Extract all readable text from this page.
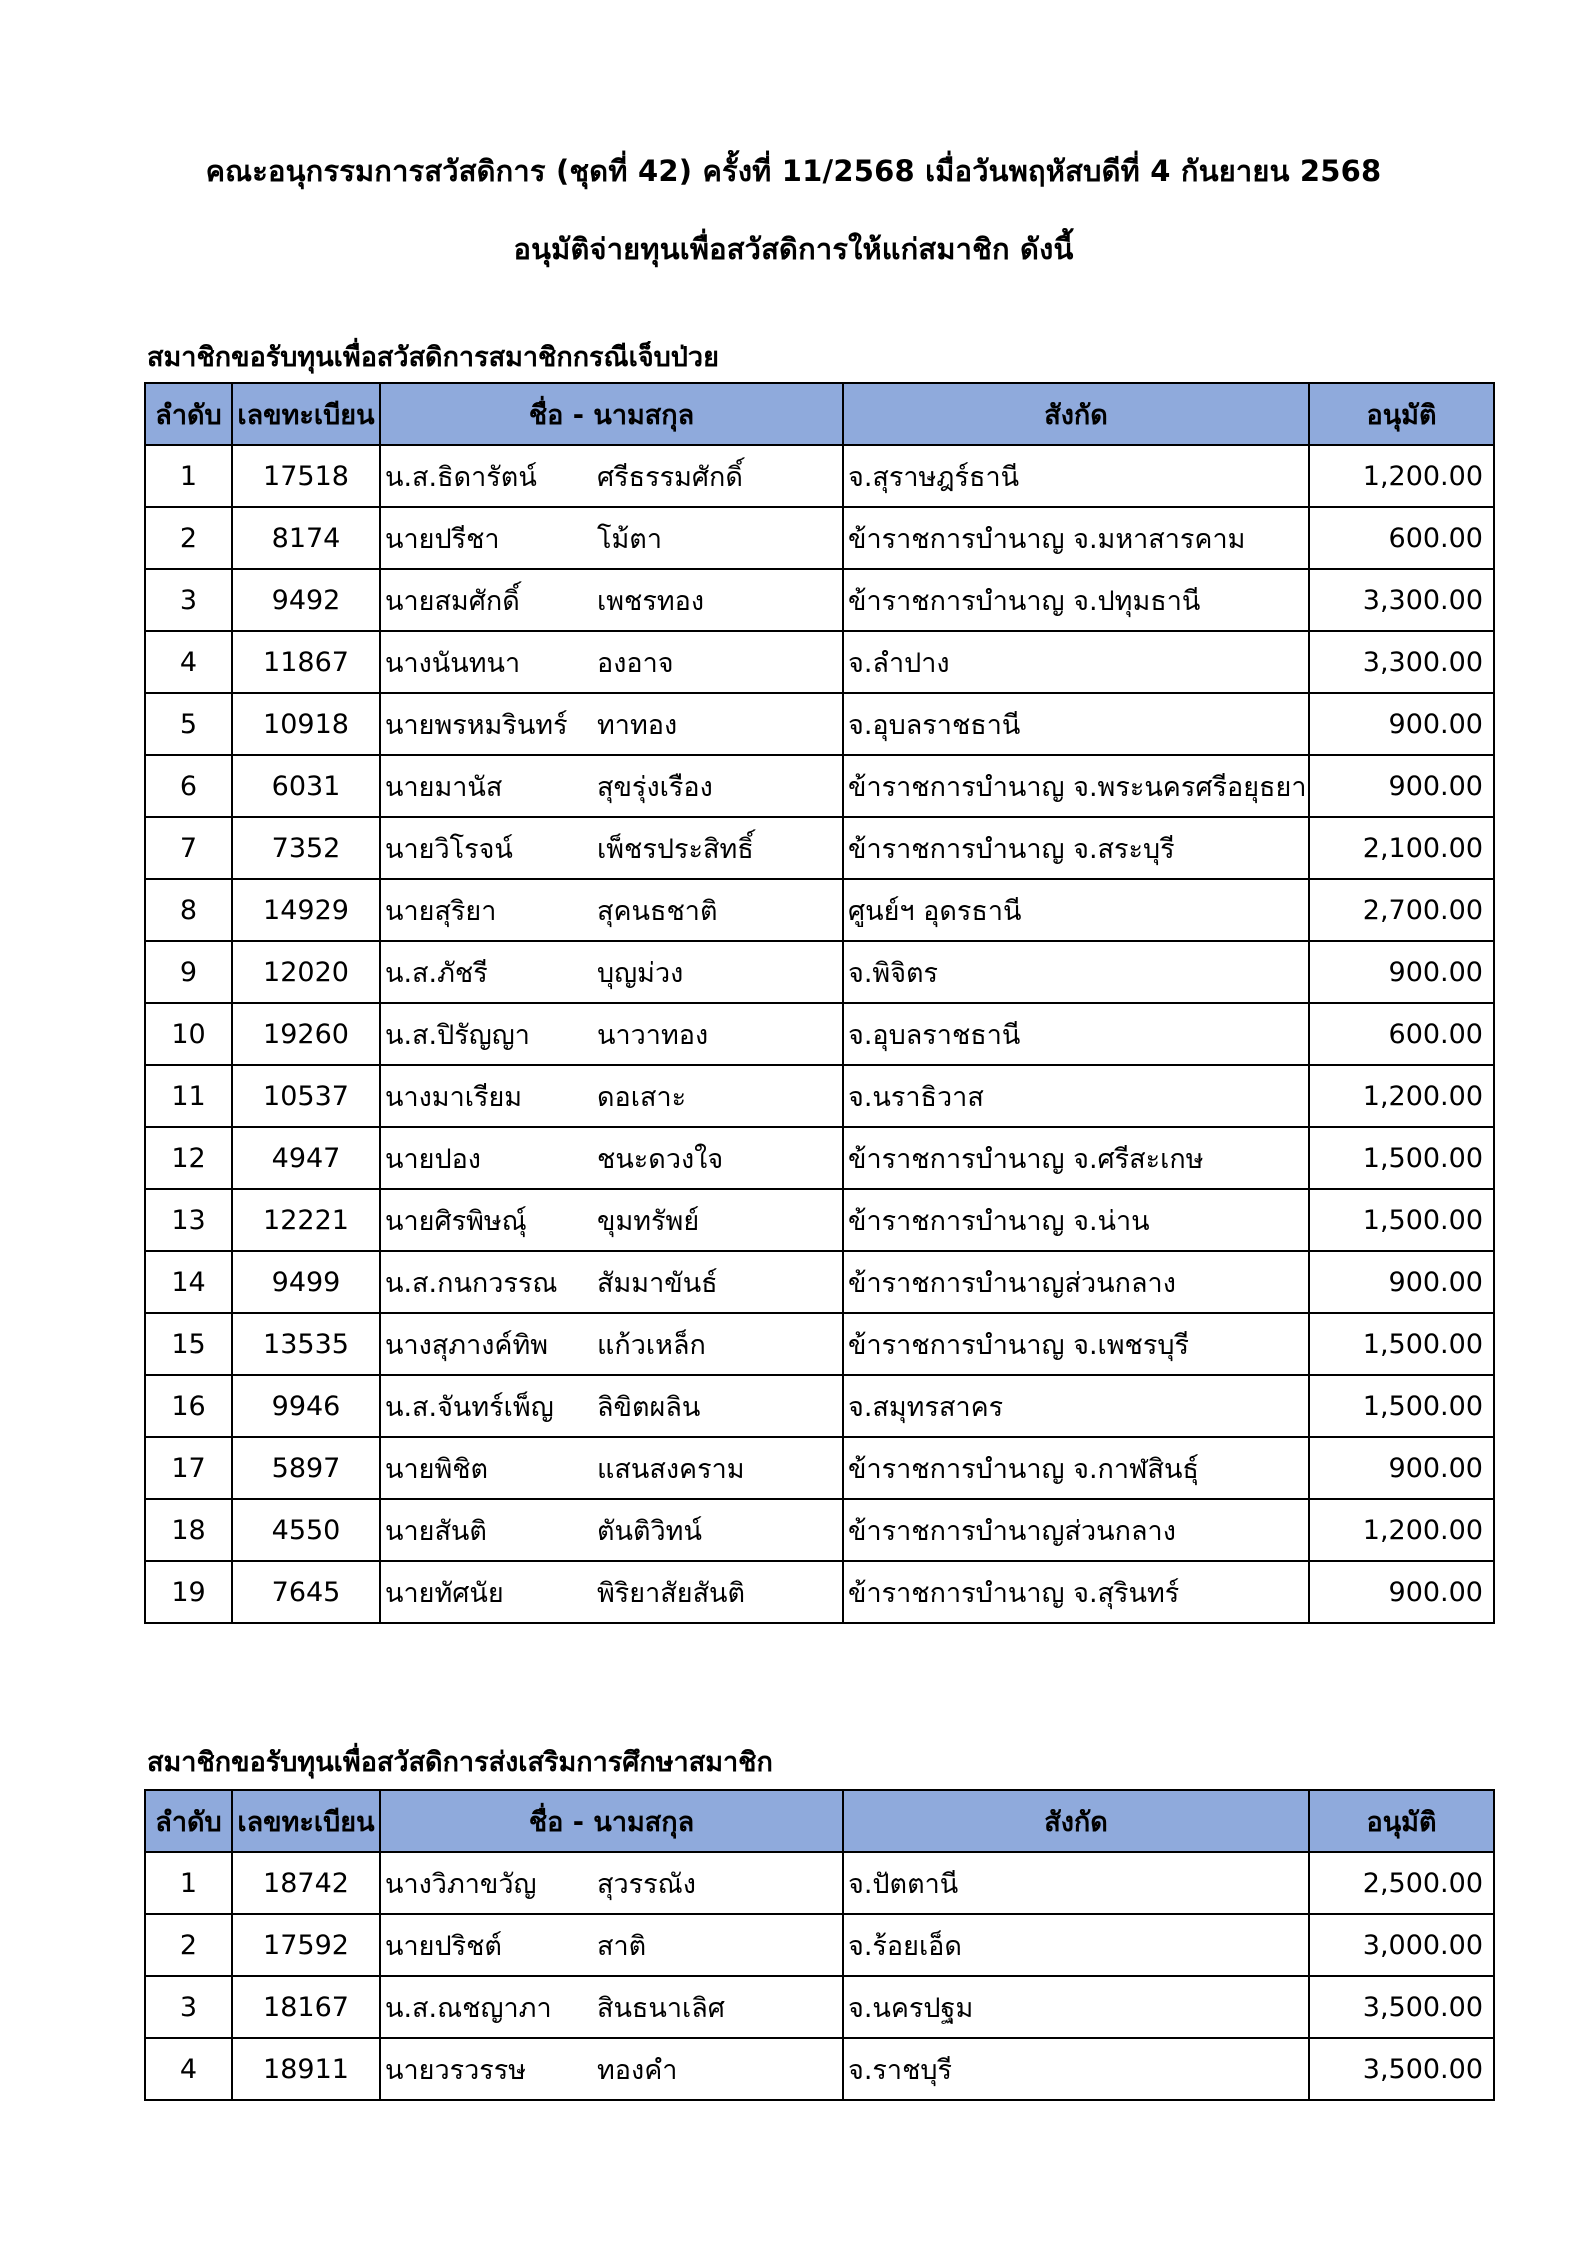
คณะอนุกรรมการสวัสดิการ (ชุดที่ 42) ครั้งที่ 11/2568 เมื่อวันพฤหัสบดีที่ 4 กันยายน 2568
อนุมัติจ่ายทุนเพื่อสวัสดิการให้แก่สมาชิก ดังนี้
สมาชิกขอรับทุนเพื่อสวัสดิการสมาชิกกรณีเจ็บป่วย
ลำดับ	เลขทะเบียน	ชื่อ - นามสกุล	สังกัด	อนุมัติ
1	17518	น.ส.ธิดารัตน์ ศรีธรรมศักดิ์	จ.สุราษฎร์ธานี	1,200.00
2	8174	นายปรีชา โม้ตา	ข้าราชการบำนาญ จ.มหาสารคาม	600.00
3	9492	นายสมศักดิ์ เพชรทอง	ข้าราชการบำนาญ จ.ปทุมธานี	3,300.00
4	11867	นางนันทนา องอาจ	จ.ลำปาง	3,300.00
5	10918	นายพรหมรินทร์ ทาทอง	จ.อุบลราชธานี	900.00
6	6031	นายมานัส สุขรุ่งเรือง	ข้าราชการบำนาญ จ.พระนครศรีอยุธยา	900.00
7	7352	นายวิโรจน์ เพ็ชรประสิทธิ์	ข้าราชการบำนาญ จ.สระบุรี	2,100.00
8	14929	นายสุริยา สุคนธชาติ	ศูนย์ฯ อุดรธานี	2,700.00
9	12020	น.ส.ภัชรี บุญม่วง	จ.พิจิตร	900.00
10	19260	น.ส.ปิรัญญา นาวาทอง	จ.อุบลราชธานี	600.00
11	10537	นางมาเรียม ดอเสาะ	จ.นราธิวาส	1,200.00
12	4947	นายปอง ชนะดวงใจ	ข้าราชการบำนาญ จ.ศรีสะเกษ	1,500.00
13	12221	นายศิรพิษณุ์ ขุมทรัพย์	ข้าราชการบำนาญ จ.น่าน	1,500.00
14	9499	น.ส.กนกวรรณ สัมมาขันธ์	ข้าราชการบำนาญส่วนกลาง	900.00
15	13535	นางสุภางค์ทิพ แก้วเหล็ก	ข้าราชการบำนาญ จ.เพชรบุรี	1,500.00
16	9946	น.ส.จันทร์เพ็ญ ลิขิตผลิน	จ.สมุทรสาคร	1,500.00
17	5897	นายพิชิต แสนสงคราม	ข้าราชการบำนาญ จ.กาฬสินธุ์	900.00
18	4550	นายสันติ ตันติวิทน์	ข้าราชการบำนาญส่วนกลาง	1,200.00
19	7645	นายทัศนัย พิริยาสัยสันติ	ข้าราชการบำนาญ จ.สุรินทร์	900.00
สมาชิกขอรับทุนเพื่อสวัสดิการส่งเสริมการศึกษาสมาชิก
ลำดับ	เลขทะเบียน	ชื่อ - นามสกุล	สังกัด	อนุมัติ
1	18742	นางวิภาขวัญ สุวรรณัง	จ.ปัตตานี	2,500.00
2	17592	นายปริชต์ สาติ	จ.ร้อยเอ็ด	3,000.00
3	18167	น.ส.ณชญาภา สินธนาเลิศ	จ.นครปฐม	3,500.00
4	18911	นายวรวรรษ ทองคำ	จ.ราชบุรี	3,500.00
